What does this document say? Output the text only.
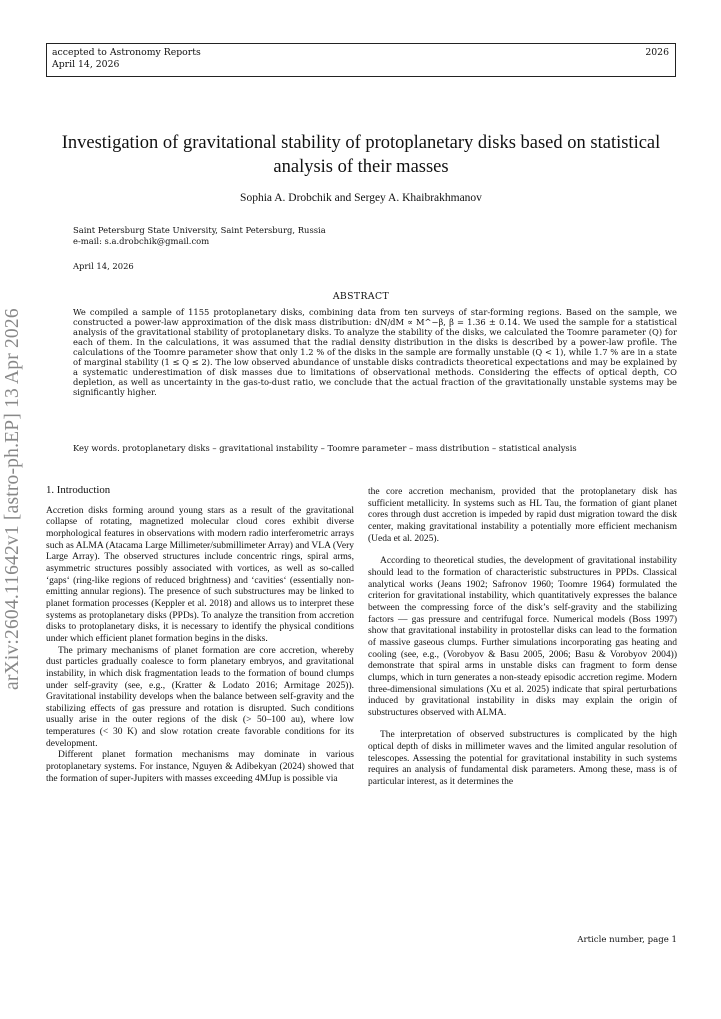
accepted to Astronomy Reports
April 14, 2026
2026
arXiv:2604.11642v1 [astro-ph.EP] 13 Apr 2026
Investigation of gravitational stability of protoplanetary disks based on statistical analysis of their masses
Sophia A. Drobchik and Sergey A. Khaibrakhmanov
Saint Petersburg State University, Saint Petersburg, Russia
e-mail: s.a.drobchik@gmail.com
April 14, 2026
ABSTRACT

We compiled a sample of 1155 protoplanetary disks, combining data from ten surveys of star-forming regions. Based on the sample, we constructed a power-law approximation of the disk mass distribution: dN/dM ∝ M^−β, β = 1.36 ± 0.14. We used the sample for a statistical analysis of the gravitational stability of protoplanetary disks. To analyze the stability of the disks, we calculated the Toomre parameter (Q) for each of them. In the calculations, it was assumed that the radial density distribution in the disks is described by a power-law profile. The calculations of the Toomre parameter show that only 1.2 % of the disks in the sample are formally unstable (Q < 1), while 1.7 % are in a state of marginal stability (1 ≤ Q ≤ 2). The low observed abundance of unstable disks contradicts theoretical expectations and may be explained by a systematic underestimation of disk masses due to limitations of observational methods. Considering the effects of optical depth, CO depletion, as well as uncertainty in the gas-to-dust ratio, we conclude that the actual fraction of the gravitationally unstable systems may be significantly higher.

Key words. protoplanetary disks – gravitational instability – Toomre parameter – mass distribution – statistical analysis

1. Introduction

Accretion disks forming around young stars as a result of the gravitational collapse of rotating, magnetized molecular cloud cores exhibit diverse morphological features in observations with modern radio interferometric arrays such as ALMA (Atacama Large Millimeter/submillimeter Array) and VLA (Very Large Array). The observed structures include concentric rings, spiral arms, asymmetric structures possibly associated with vortices, as well as so-called ‘gaps‘ (ring-like regions of reduced brightness) and ‘cavities‘ (essentially non-emitting annular regions). The presence of such substructures may be linked to planet formation processes (Keppler et al. 2018) and allows us to interpret these systems as protoplanetary disks (PPDs). To analyze the transition from accretion disks to protoplanetary disks, it is necessary to identify the physical conditions under which efficient planet formation begins in the disks.

The primary mechanisms of planet formation are core accretion, whereby dust particles gradually coalesce to form planetary embryos, and gravitational instability, in which disk fragmentation leads to the formation of bound clumps under self-gravity (see, e.g., (Kratter & Lodato 2016; Armitage 2025)). Gravitational instability develops when the balance between self-gravity and the stabilizing effects of gas pressure and rotation is disrupted. Such conditions usually arise in the outer regions of the disk (> 50–100 au), where low temperatures (< 30 K) and slow rotation create favorable conditions for its development.

Different planet formation mechanisms may dominate in various protoplanetary systems. For instance, Nguyen & Adibekyan (2024) showed that the formation of super-Jupiters with masses exceeding 4MJup is possible via

the core accretion mechanism, provided that the protoplanetary disk has sufficient metallicity. In systems such as HL Tau, the formation of giant planet cores through dust accretion is impeded by rapid dust migration toward the disk center, making gravitational instability a potentially more efficient mechanism (Ueda et al. 2025).

According to theoretical studies, the development of gravitational instability should lead to the formation of characteristic substructures in PPDs. Classical analytical works (Jeans 1902; Safronov 1960; Toomre 1964) formulated the criterion for gravitational instability, which quantitatively expresses the balance between the compressing force of the disk’s self-gravity and the stabilizing factors — gas pressure and centrifugal force. Numerical models (Boss 1997) show that gravitational instability in protostellar disks can lead to the formation of massive gaseous clumps. Further simulations incorporating gas heating and cooling (see, e.g., (Vorobyov & Basu 2005, 2006; Basu & Vorobyov 2004)) demonstrate that spiral arms in unstable disks can fragment to form dense clumps, which in turn generates a non-steady episodic accretion regime. Modern three-dimensional simulations (Xu et al. 2025) indicate that spiral perturbations induced by gravitational instability in disks may explain the origin of substructures observed with ALMA.

The interpretation of observed substructures is complicated by the high optical depth of disks in millimeter waves and the limited angular resolution of telescopes. Assessing the potential for gravitational instability in such systems requires an analysis of fundamental disk parameters. Among these, mass is of particular interest, as it determines the

Article number, page 1
